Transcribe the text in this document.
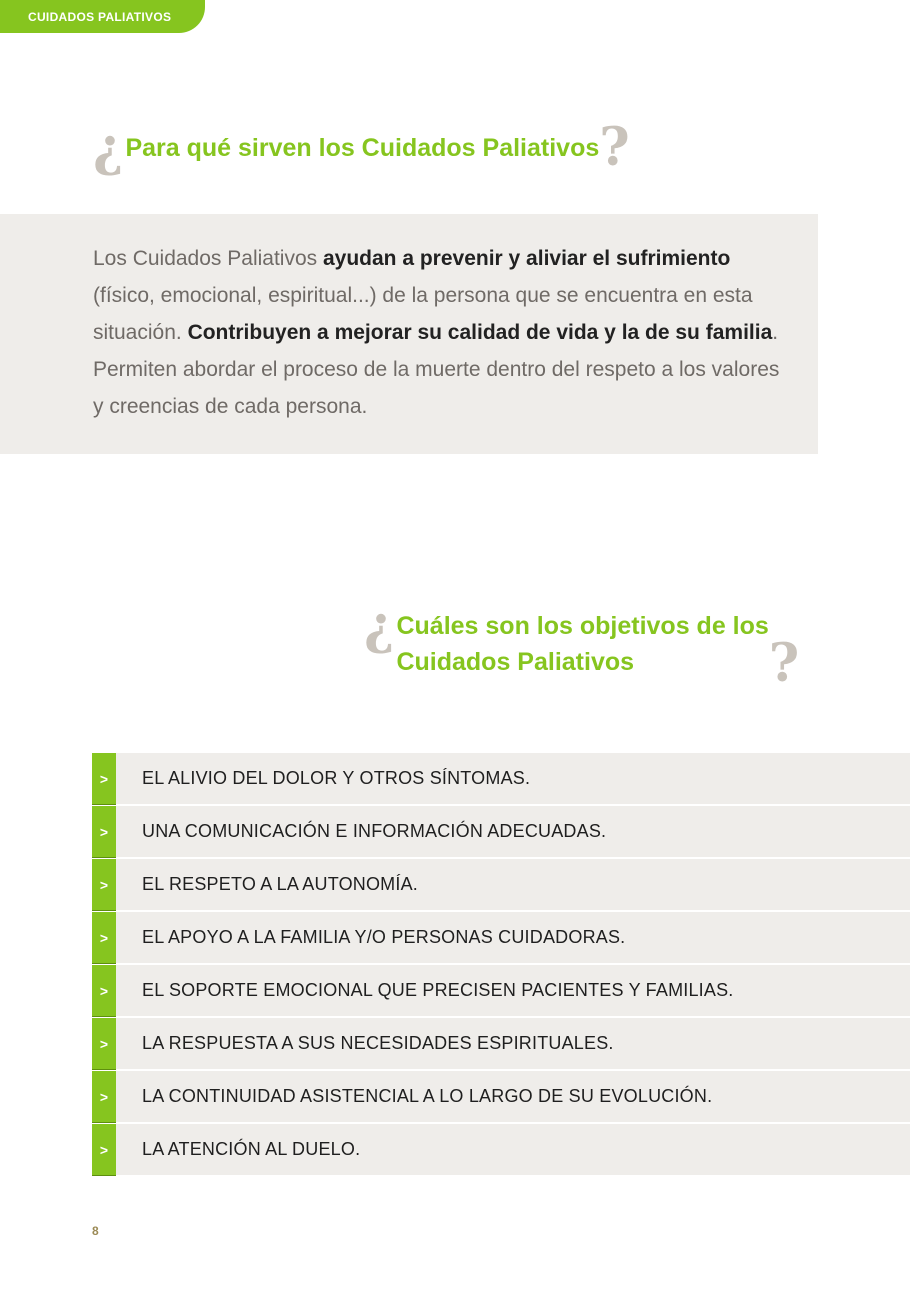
CUIDADOS PALIATIVOS
¿ Para qué sirven los Cuidados Paliativos ?
Los Cuidados Paliativos ayudan a prevenir y aliviar el sufrimiento (físico, emocional, espiritual...) de la persona que se encuentra en esta situación. Contribuyen a mejorar su calidad de vida y la de su familia. Permiten abordar el proceso de la muerte dentro del respeto a los valores y creencias de cada persona.
¿ Cuáles son los objetivos de los
Cuidados Paliativos	?
>	EL ALIVIO DEL DOLOR Y OTROS SÍNTOMAS.
>	UNA COMUNICACIÓN E INFORMACIÓN ADECUADAS.
>	EL RESPETO A LA AUTONOMÍA.
>	EL APOYO A LA FAMILIA Y/O PERSONAS CUIDADORAS.
>	EL SOPORTE EMOCIONAL QUE PRECISEN PACIENTES Y FAMILIAS.
>	LA RESPUESTA A SUS NECESIDADES ESPIRITUALES.
>	LA CONTINUIDAD ASISTENCIAL A LO LARGO DE SU EVOLUCIÓN.
>	LA ATENCIÓN AL DUELO.
8
